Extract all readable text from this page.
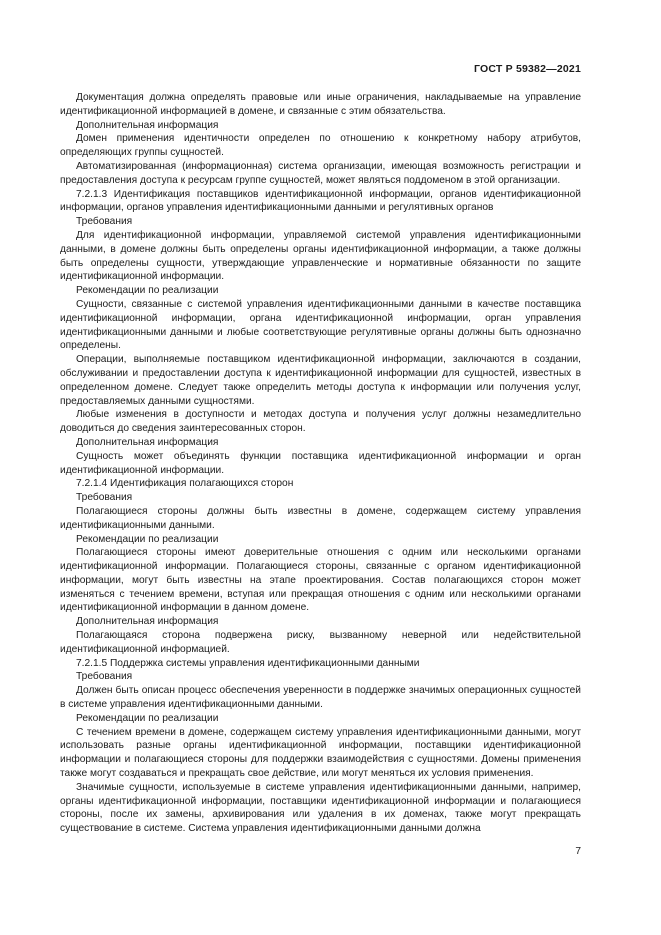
ГОСТ Р 59382—2021

Документация должна определять правовые или иные ограничения, накладываемые на управление идентификационной информацией в домене, и связанные с этим обязательства.

Дополнительная информация

Домен применения идентичности определен по отношению к конкретному набору атрибутов, определяющих группы сущностей.

Автоматизированная (информационная) система организации, имеющая возможность регистрации и предоставления доступа к ресурсам группе сущностей, может являться поддоменом в этой организации.

7.2.1.3 Идентификация поставщиков идентификационной информации, органов идентификационной информации, органов управления идентификационными данными и регулятивных органов

Требования

Для идентификационной информации, управляемой системой управления идентификационными данными, в домене должны быть определены органы идентификационной информации, а также должны быть определены сущности, утверждающие управленческие и нормативные обязанности по защите идентификационной информации.

Рекомендации по реализации

Сущности, связанные с системой управления идентификационными данными в качестве поставщика идентификационной информации, органа идентификационной информации, орган управления идентификационными данными и любые соответствующие регулятивные органы должны быть однозначно определены.

Операции, выполняемые поставщиком идентификационной информации, заключаются в создании, обслуживании и предоставлении доступа к идентификационной информации для сущностей, известных в определенном домене. Следует также определить методы доступа к информации или получения услуг, предоставляемых данными сущностями.

Любые изменения в доступности и методах доступа и получения услуг должны незамедлительно доводиться до сведения заинтересованных сторон.

Дополнительная информация

Сущность может объединять функции поставщика идентификационной информации и орган идентификационной информации.

7.2.1.4 Идентификация полагающихся сторон

Требования

Полагающиеся стороны должны быть известны в домене, содержащем систему управления идентификационными данными.

Рекомендации по реализации

Полагающиеся стороны имеют доверительные отношения с одним или несколькими органами идентификационной информации. Полагающиеся стороны, связанные с органом идентификационной информации, могут быть известны на этапе проектирования. Состав полагающихся сторон может изменяться с течением времени, вступая или прекращая отношения с одним или несколькими органами идентификационной информации в данном домене.

Дополнительная информация

Полагающаяся сторона подвержена риску, вызванному неверной или недействительной идентификационной информацией.

7.2.1.5 Поддержка системы управления идентификационными данными

Требования

Должен быть описан процесс обеспечения уверенности в поддержке значимых операционных сущностей в системе управления идентификационными данными.

Рекомендации по реализации

С течением времени в домене, содержащем систему управления идентификационными данными, могут использовать разные органы идентификационной информации, поставщики идентификационной информации и полагающиеся стороны для поддержки взаимодействия с сущностями. Домены применения также могут создаваться и прекращать свое действие, или могут меняться их условия применения.

Значимые сущности, используемые в системе управления идентификационными данными, например, органы идентификационной информации, поставщики идентификационной информации и полагающиеся стороны, после их замены, архивирования или удаления в их доменах, также могут прекращать существование в системе. Система управления идентификационными данными должна

7
